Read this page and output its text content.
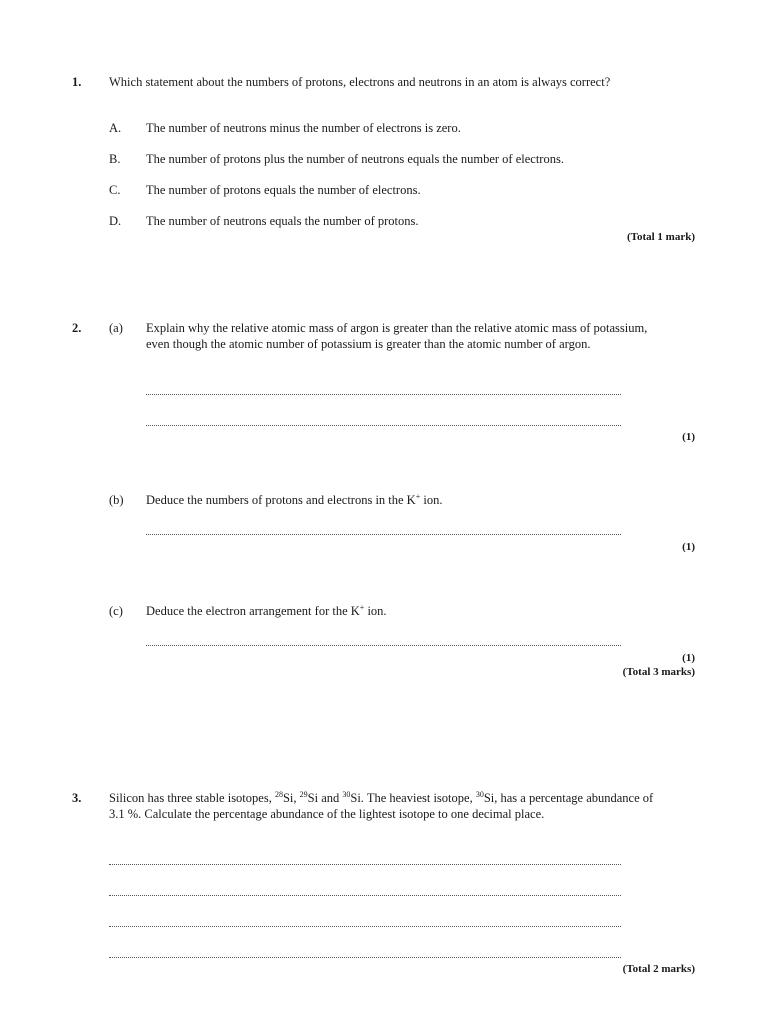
1. Which statement about the numbers of protons, electrons and neutrons in an atom is always correct?
A. The number of neutrons minus the number of electrons is zero.
B. The number of protons plus the number of neutrons equals the number of electrons.
C. The number of protons equals the number of electrons.
D. The number of neutrons equals the number of protons.
(Total 1 mark)
2. (a) Explain why the relative atomic mass of argon is greater than the relative atomic mass of potassium, even though the atomic number of potassium is greater than the atomic number of argon.
(1)
(b) Deduce the numbers of protons and electrons in the K+ ion.
(1)
(c) Deduce the electron arrangement for the K+ ion.
(1)
(Total 3 marks)
3. Silicon has three stable isotopes, $^{28}$Si, $^{29}$Si and $^{30}$Si. The heaviest isotope, $^{30}$Si, has a percentage abundance of 3.1 %. Calculate the percentage abundance of the lightest isotope to one decimal place.
(Total 2 marks)
